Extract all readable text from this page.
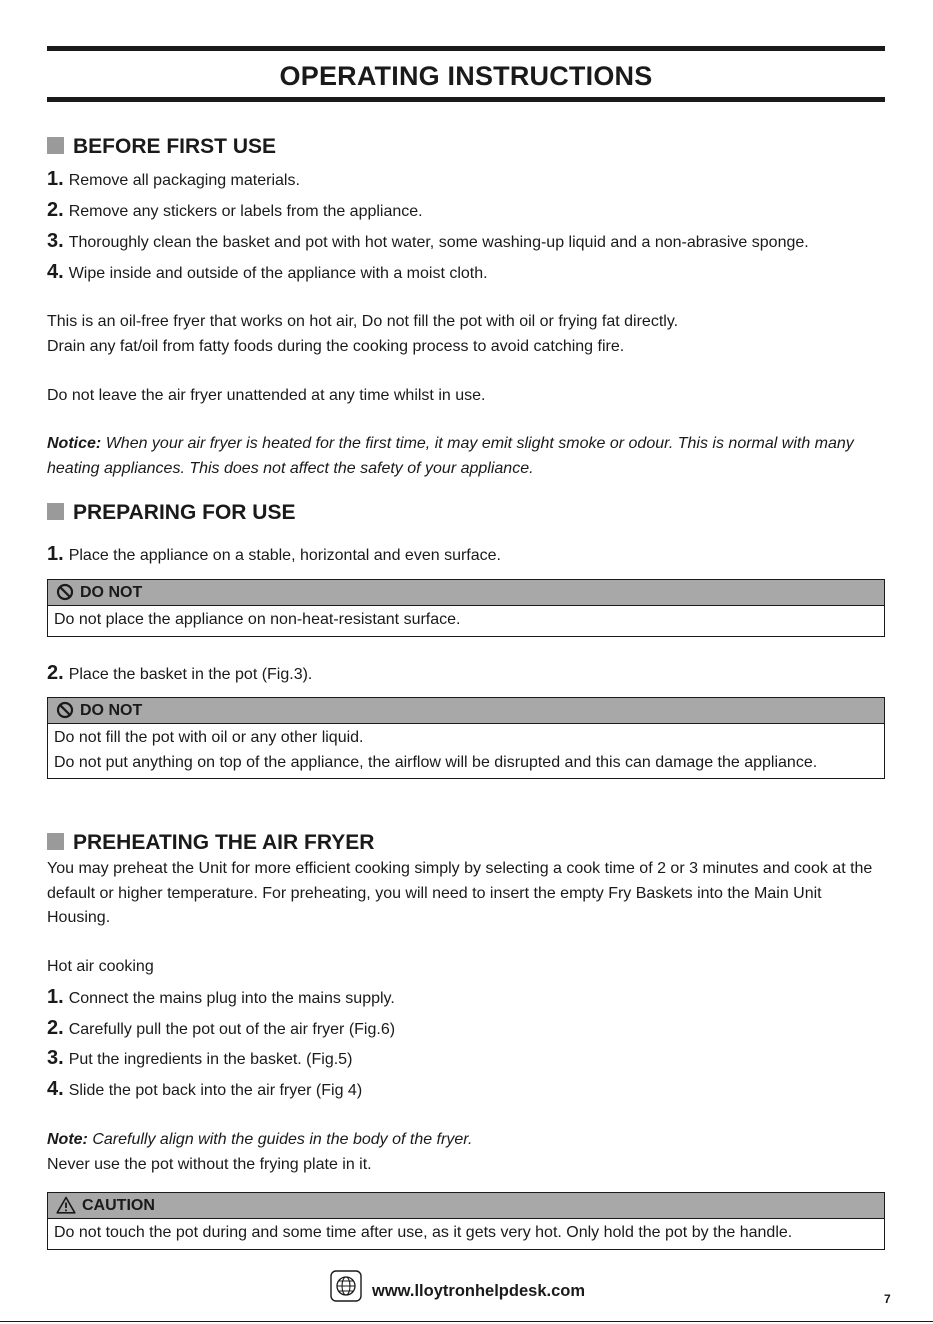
OPERATING INSTRUCTIONS
BEFORE FIRST USE
1. Remove all packaging materials.
2. Remove any stickers or labels from the appliance.
3. Thoroughly clean the basket and pot with hot water, some washing-up liquid and a non-abrasive sponge.
4. Wipe inside and outside of the appliance with a moist cloth.
This is an oil-free fryer that works on hot air, Do not fill the pot with oil or frying fat directly.
Drain any fat/oil from fatty foods during the cooking process to avoid catching fire.
Do not leave the air fryer unattended at any time whilst in use.
Notice: When your air fryer is heated for the first time, it may emit slight smoke or odour. This is normal with many heating appliances. This does not affect the safety of your appliance.
PREPARING FOR USE
1. Place the appliance on a stable, horizontal and even surface.
DO NOT
Do not place the appliance on non-heat-resistant surface.
2. Place the basket in the pot (Fig.3).
DO NOT
Do not fill the pot with oil or any other liquid.
Do not put anything on top of the appliance, the airflow will be disrupted and this can damage the appliance.
PREHEATING THE AIR FRYER
You may preheat the Unit for more efficient cooking simply by selecting a cook time of 2 or 3 minutes and cook at the default or higher temperature. For preheating, you will need to insert the empty Fry Baskets into the Main Unit Housing.
Hot air cooking
1. Connect the mains plug into the mains supply.
2. Carefully pull the pot out of the air fryer (Fig.6)
3. Put the ingredients in the basket. (Fig.5)
4. Slide the pot back into the air fryer (Fig 4)
Note: Carefully align with the guides in the body of the fryer.
Never use the pot without the frying plate in it.
CAUTION
Do not touch the pot during and some time after use, as it gets very hot. Only hold the pot by the handle.
www.lloytronhelpdesk.com	7
